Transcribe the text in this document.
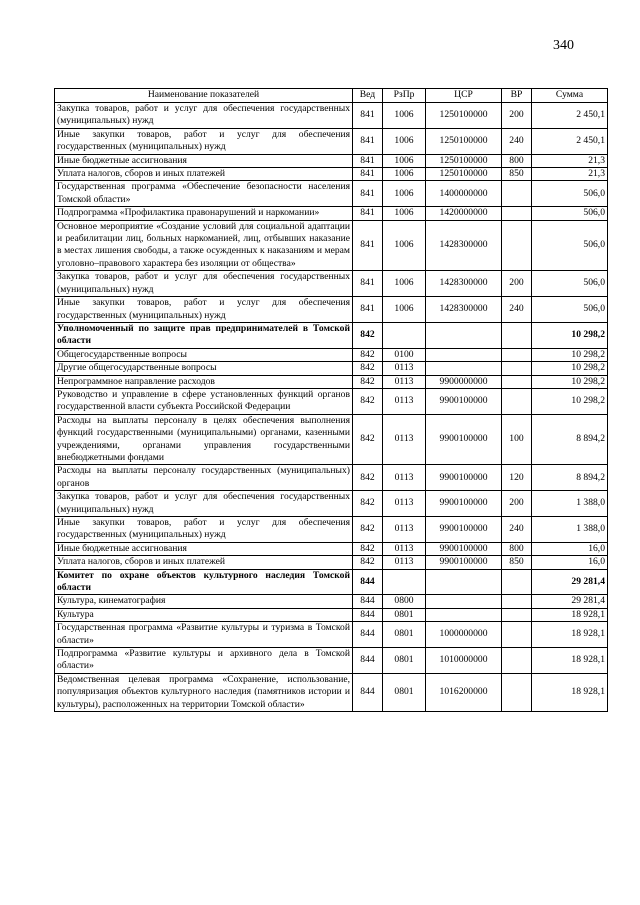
340
Наименование показателей	Вед	РзПр	ЦСР	ВР	Сумма
Закупка товаров, работ и услуг для обеспечения государственных (муниципальных) нужд	841	1006	1250100000	200	2 450,1
Иные закупки товаров, работ и услуг для обеспечения государственных (муниципальных) нужд	841	1006	1250100000	240	2 450,1
Иные бюджетные ассигнования	841	1006	1250100000	800	21,3
Уплата налогов, сборов и иных платежей	841	1006	1250100000	850	21,3
Государственная программа «Обеспечение безопасности населения Томской области»	841	1006	1400000000		506,0
Подпрограмма «Профилактика правонарушений и наркомании»	841	1006	1420000000		506,0
Основное мероприятие «Создание условий для социальной адаптации и реабилитации лиц, больных наркоманией, лиц, отбывших наказание в местах лишения свободы, а также осужденных к наказаниям и мерам уголовно–правового характера без изоляции от общества»	841	1006	1428300000		506,0
Закупка товаров, работ и услуг для обеспечения государственных (муниципальных) нужд	841	1006	1428300000	200	506,0
Иные закупки товаров, работ и услуг для обеспечения государственных (муниципальных) нужд	841	1006	1428300000	240	506,0
Уполномоченный по защите прав предпринимателей в Томской области	842				10 298,2
Общегосударственные вопросы	842	0100			10 298,2
Другие общегосударственные вопросы	842	0113			10 298,2
Непрограммное направление расходов	842	0113	9900000000		10 298,2
Руководство и управление в сфере установленных функций органов государственной власти субъекта Российской Федерации	842	0113	9900100000		10 298,2
Расходы на выплаты персоналу в целях обеспечения выполнения функций государственными (муниципальными) органами, казенными учреждениями, органами управления государственными внебюджетными фондами	842	0113	9900100000	100	8 894,2
Расходы на выплаты персоналу государственных (муниципальных) органов	842	0113	9900100000	120	8 894,2
Закупка товаров, работ и услуг для обеспечения государственных (муниципальных) нужд	842	0113	9900100000	200	1 388,0
Иные закупки товаров, работ и услуг для обеспечения государственных (муниципальных) нужд	842	0113	9900100000	240	1 388,0
Иные бюджетные ассигнования	842	0113	9900100000	800	16,0
Уплата налогов, сборов и иных платежей	842	0113	9900100000	850	16,0
Комитет по охране объектов культурного наследия Томской области	844				29 281,4
Культура, кинематография	844	0800			29 281,4
Культура	844	0801			18 928,1
Государственная программа «Развитие культуры и туризма в Томской области»	844	0801	1000000000		18 928,1
Подпрограмма «Развитие культуры и архивного дела в Томской области»	844	0801	1010000000		18 928,1
Ведомственная целевая программа «Сохранение, использование, популяризация объектов культурного наследия (памятников истории и культуры), расположенных на территории Томской области»	844	0801	1016200000		18 928,1
